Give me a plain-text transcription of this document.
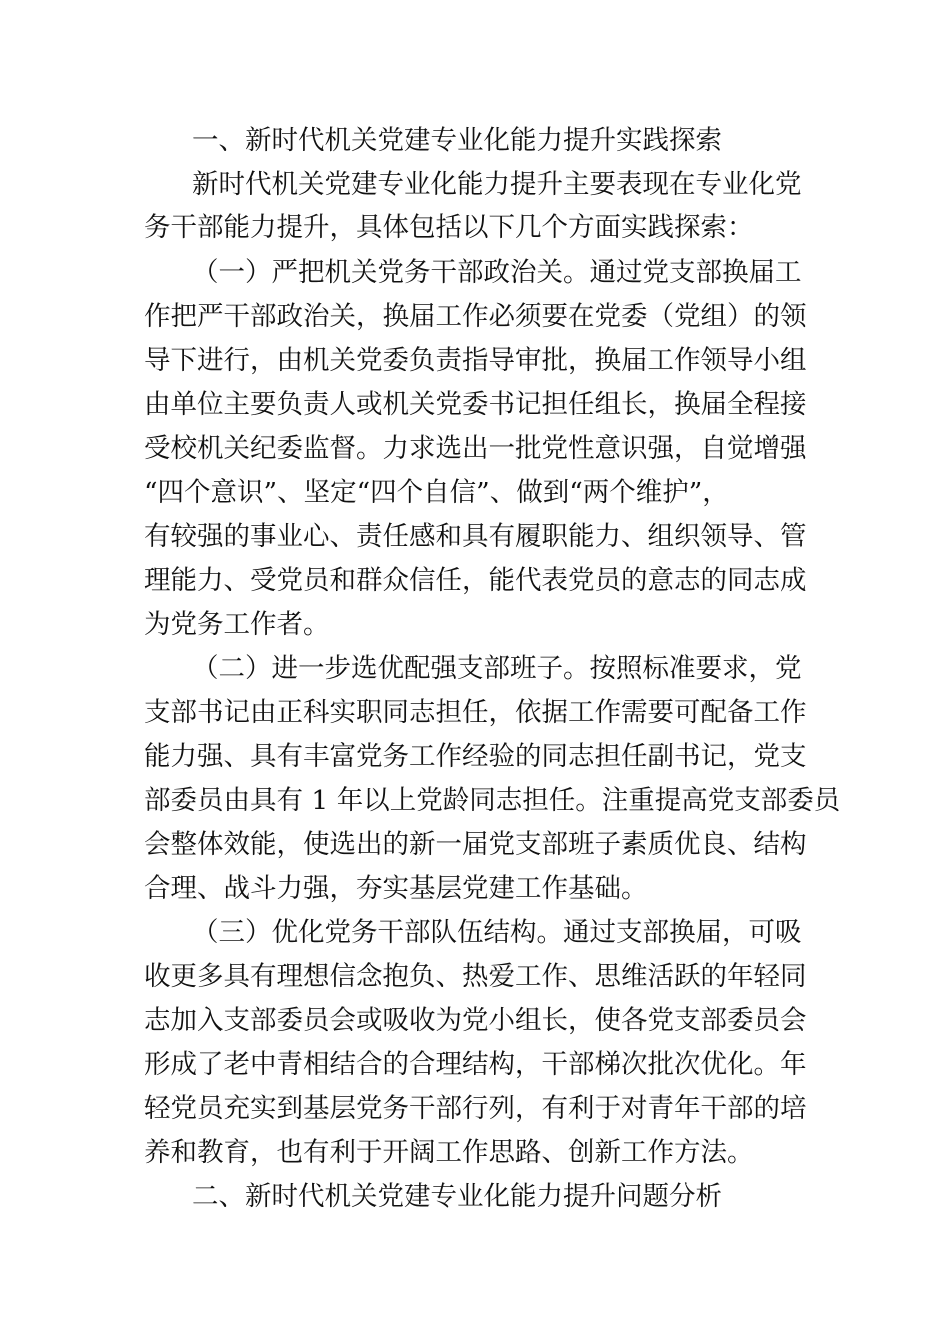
一、新时代机关党建专业化能力提升实践探索
新时代机关党建专业化能力提升主要表现在专业化党
务干部能力提升，具体包括以下几个方面实践探索：
（一）严把机关党务干部政治关。通过党支部换届工
作把严干部政治关，换届工作必须要在党委（党组）的领
导下进行，由机关党委负责指导审批，换届工作领导小组
由单位主要负责人或机关党委书记担任组长，换届全程接
受校机关纪委监督。力求选出一批党性意识强，自觉增强
“四个意识”、坚定“四个自信”、做到“两个维护”，
有较强的事业心、责任感和具有履职能力、组织领导、管
理能力、受党员和群众信任，能代表党员的意志的同志成
为党务工作者。
（二）进一步选优配强支部班子。按照标准要求，党
支部书记由正科实职同志担任，依据工作需要可配备工作
能力强、具有丰富党务工作经验的同志担任副书记，党支
部委员由具有 1 年以上党龄同志担任。注重提高党支部委员
会整体效能，使选出的新一届党支部班子素质优良、结构
合理、战斗力强，夯实基层党建工作基础。
（三）优化党务干部队伍结构。通过支部换届，可吸
收更多具有理想信念抱负、热爱工作、思维活跃的年轻同
志加入支部委员会或吸收为党小组长，使各党支部委员会
形成了老中青相结合的合理结构，干部梯次批次优化。年
轻党员充实到基层党务干部行列，有利于对青年干部的培
养和教育，也有利于开阔工作思路、创新工作方法。
二、新时代机关党建专业化能力提升问题分析
